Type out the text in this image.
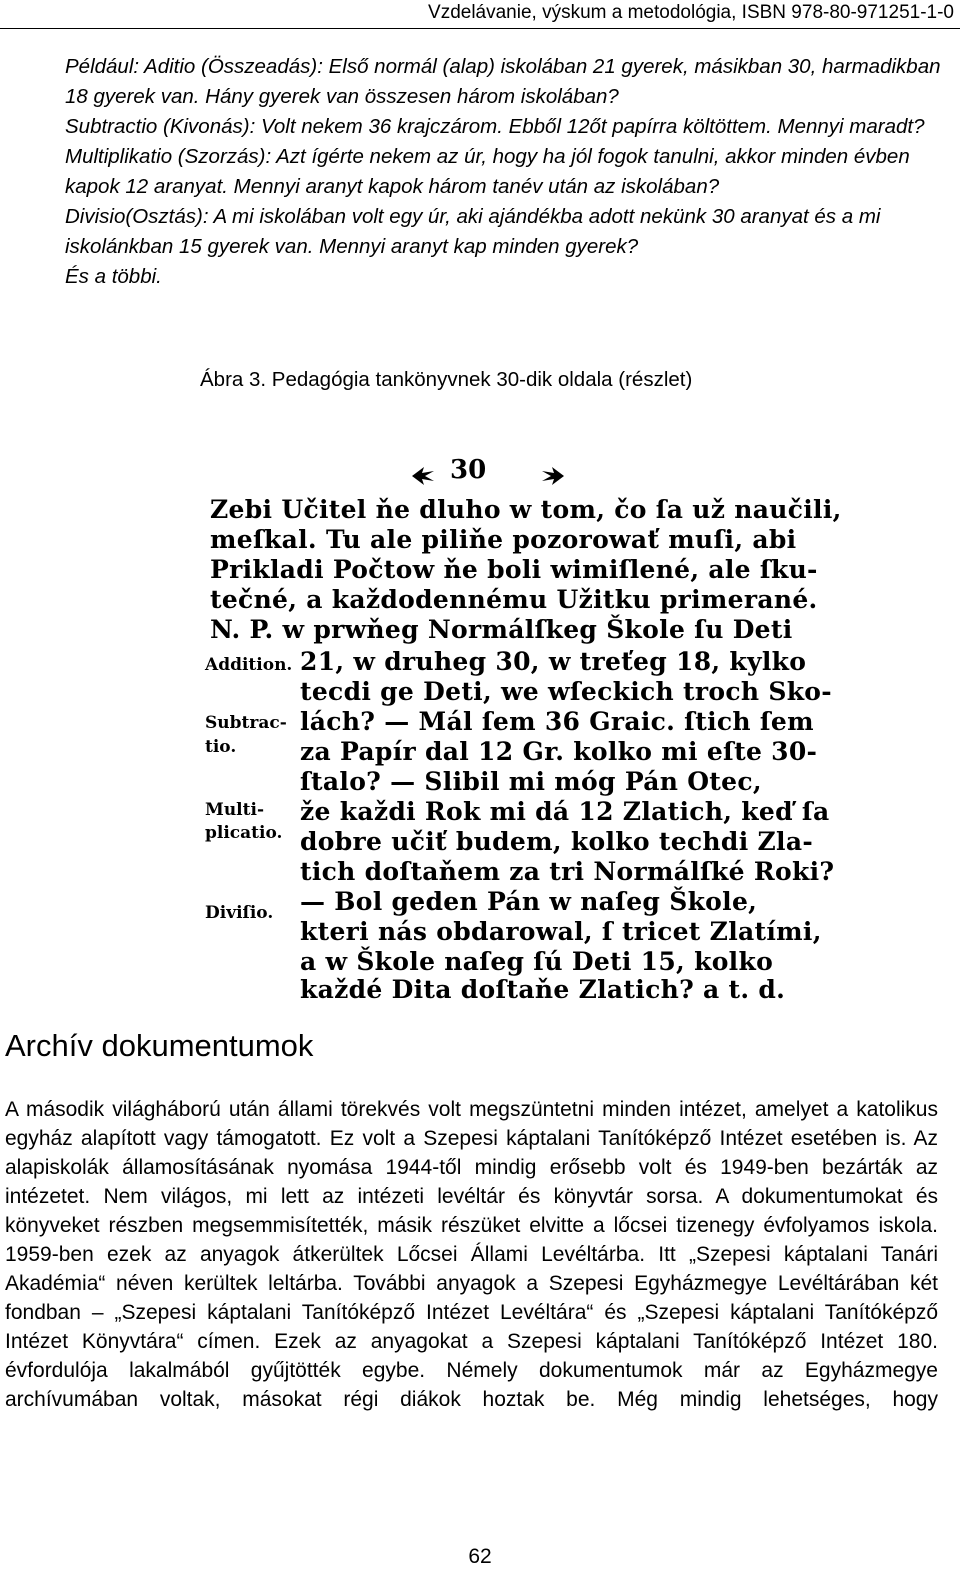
Vzdelávanie, výskum a metodológia, ISBN 978-80-971251-1-0

Például: Aditio (Összeadás): Első normál (alap) iskolában 21 gyerek, másikban 30, harmadikban 18 gyerek van. Hány gyerek van összesen három iskolában?

Subtractio (Kivonás): Volt nekem 36 krajczárom. Ebből 12őt papírra költöttem. Mennyi maradt?

Multiplikatio (Szorzás): Azt ígérte nekem az úr, hogy ha jól fogok tanulni, akkor minden évben kapok 12 aranyat. Mennyi aranyt kapok három tanév után az iskolában?

Divisio(Osztás): A mi iskolában volt egy úr, aki ajándékba adott nekünk 30 aranyat és a mi iskolánkban 15 gyerek van. Mennyi aranyt kap minden gyerek?

És a többi.

Ábra 3. Pedagógia tankönyvnek 30-dik oldala (részlet)
30
Zebi Učitel ňe dluho w tom, čo ſa už naučili,
meſkal. Tu ale piliňe pozorowať muſi, abi
Prikladi Počtow ňe boli wimiſlené, ale ſku-
tečné, a každodennému Užitku primerané.
N. P. w prwňeg Normálſkeg Škole ſu Deti
21, w druheg 30, w treťeg 18, kylko
tecdi ge Deti, we wſeckich troch Sko-
lách? — Mál ſem 36 Graic. ſtich ſem
za Papír dal 12 Gr. kolko mi eſte 30-
ſtalo? — Slibil mi móg Pán Otec,
že každi Rok mi dá 12 Zlatich, keď ſa
dobre učiť budem, kolko techdi Zla-
tich doſtaňem za tri Normálſké Roki?
— Bol geden Pán w naſeg Škole,
kteri nás obdarowal, ſ tricet Zlatími,
a w Škole naſeg ſú Deti 15, kolko
každé Dita doſtaňe Zlatich? a t. d.
Addition.
Subtrac-
tio.
Multi-
plicatio.
Diviſio.
Archív dokumentumok

A második világháború után állami törekvés volt megszüntetni minden intézet, amelyet a katolikus egyház alapított vagy támogatott. Ez volt a Szepesi káptalani Tanítóképző Intézet esetében is. Az alapiskolák államosításának nyomása 1944-től mindig erősebb volt és 1949-ben bezárták az intézetet. Nem világos, mi lett az intézeti levéltár és könyvtár sorsa. A dokumentumokat és könyveket részben megsemmisítették, másik részüket elvitte a lőcsei tizenegy évfolyamos iskola. 1959-ben ezek az anyagok átkerültek Lőcsei Állami Levéltárba. Itt „Szepesi káptalani Tanári Akadémia“ néven kerültek leltárba. További anyagok a Szepesi Egyházmegye Levéltárában két fondban – „Szepesi káptalani Tanítóképző Intézet Levéltára“ és „Szepesi káptalani Tanítóképző Intézet Könyvtára“ címen. Ezek az anyagokat a Szepesi káptalani Tanítóképző Intézet 180. évfordulója lakalmából gyűjtötték egybe. Némely dokumentumok már az Egyházmegye archívumában voltak, másokat régi diákok hoztak be. Még mindig lehetséges, hogy

62
